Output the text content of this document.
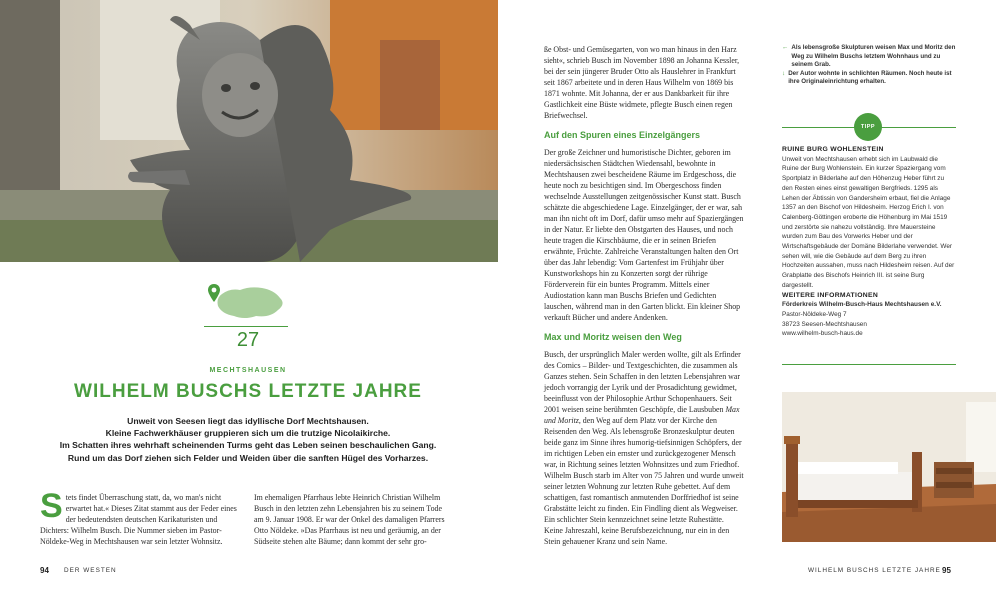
27
MECHTSHAUSEN
WILHELM BUSCHS LETZTE JAHRE

Unweit von Seesen liegt das idyllische Dorf Mechtshausen.

Kleine Fachwerkhäuser gruppieren sich um die trutzige Nicolaikirche.

Im Schatten ihres wehrhaft scheinenden Turms geht das Leben seinen beschaulichen Gang.

Rund um das Dorf ziehen sich Felder und Weiden über die sanften Hügel des Vorharzes.

Stets findet Überraschung statt, da, wo man's nicht erwartet hat.« Dieses Zitat stammt aus der Feder eines der bedeutendsten deutschen Karikaturisten und Dichters: Wilhelm Busch. Die Nummer sieben im Pastor-Nöldeke-Weg in Mechtshausen war sein letzter Wohnsitz.

Im ehemaligen Pfarrhaus lebte Heinrich Christian Wilhelm Busch in den letzten zehn Lebensjahren bis zu seinem Tode am 9. Januar 1908. Er war der Onkel des damaligen Pfarrers Otto Nöldeke. »Das Pfarrhaus ist neu und geräumig, an der Südseite stehen alte Bäume; dann kommt der sehr gro-

ße Obst- und Gemüsegarten, von wo man hinaus in den Harz sieht«, schrieb Busch im November 1898 an Johanna Kessler, bei der sein jüngerer Bruder Otto als Hauslehrer in Frankfurt seit 1867 arbeitete und in deren Haus Wilhelm von 1869 bis 1871 wohnte. Mit Johanna, der er aus Dankbarkeit für ihre Gastlichkeit eine Büste widmete, pflegte Busch einen regen Briefwechsel.

Auf den Spuren eines Einzelgängers

Der große Zeichner und humoristische Dichter, geboren im niedersächsischen Städtchen Wiedensahl, bewohnte in Mechtshausen zwei bescheidene Räume im Erdgeschoss, die heute noch zu besichtigen sind. Im Obergeschoss finden wechselnde Ausstellungen zeitgenössischer Kunst statt. Busch schätzte die abgeschiedene Lage. Einzelgänger, der er war, sah man ihn nicht oft im Dorf, dafür umso mehr auf Spaziergängen in der Natur. Er liebte den Obstgarten des Hauses, und noch heute tragen die Kirschbäume, die er in seinen Briefen erwähnte, Früchte. Zahlreiche Veranstaltungen halten den Ort über das Jahr lebendig: Vom Gartenfest im Frühjahr über Kunstworkshops hin zu Konzerten sorgt der rührige Förderverein für ein buntes Programm. Mittels einer Audiostation kann man Buschs Briefen und Gedichten lauschen, während man in den Garten blickt. Ein kleiner Shop verkauft Bücher und andere Andenken.

Max und Moritz weisen den Weg

Busch, der ursprünglich Maler werden wollte, gilt als Erfinder des Comics – Bilder- und Textgeschichten, die zusammen als Ganzes stehen. Sein Schaffen in den letzten Lebensjahren war jedoch vorrangig der Lyrik und der Prosadichtung gewidmet, beeinflusst von der Philosophie Arthur Schopenhauers. Seit 2001 weisen seine berühmten Geschöpfe, die Lausbuben Max und Moritz, den Weg auf dem Platz vor der Kirche den Reisenden den Weg. Als lebensgroße Bronzeskulptur deuten beide ganz im Sinne ihres humorig-tiefsinnigen Schöpfers, der im richtigen Leben ein ernster und zurückgezogener Mensch war, in Richtung seines letzten Wohnsitzes und zum Friedhof. Wilhelm Busch starb im Alter von 75 Jahren und wurde unweit seiner letzten Wohnung zur letzten Ruhe gebettet. Auf dem schattigen, fast romantisch anmutenden Dorffriedhof ist seine Grabstätte leicht zu finden. Ein Findling dient als Wegweiser. Ein schlichter Stein kennzeichnet seine letzte Ruhestätte. Keine Jahreszahl, keine Berufsbezeichnung, nur ein in den Stein gehauener Kranz und sein Name.

← Als lebensgroße Skulpturen weisen Max und Moritz den Weg zu Wilhelm Buschs letztem Wohnhaus und zu seinem Grab.
↓ Der Autor wohnte in schlichten Räumen. Noch heute ist ihre Originaleinrichtung erhalten.
TIPP

RUINE BURG WOHLENSTEIN

Unweit von Mechtshausen erhebt sich im Laubwald die Ruine der Burg Wohlenstein. Ein kurzer Spaziergang vom Sportplatz in Bilderlahe auf den Höhenzug Heber führt zu den Resten eines einst gewaltigen Bergfrieds. 1295 als Lehen der Äbtissin von Gandersheim erbaut, fiel die Anlage 1357 an den Bischof von Hildesheim. Herzog Erich I. von Calenberg-Göttingen eroberte die Höhenburg im Mai 1519 und zerstörte sie nahezu vollständig. Ihre Mauersteine wurden zum Bau des Vorwerks Heber und der Wirtschaftsgebäude der Domäne Bilderlahe verwendet. Wer sehen will, wie die Gebäude auf dem Berg zu ihren Hochzeiten aussahen, muss nach Hildesheim reisen. Auf der Grabplatte des Bischofs Heinrich III. ist seine Burg dargestellt.

WEITERE INFORMATIONEN

Förderkreis Wilhelm-Busch-Haus Mechtshausen e.V.

Pastor-Nöldeke-Weg 7

38723 Seesen-Mechtshausen

www.wilhelm-busch-haus.de

94 DER WESTEN	WILHELM BUSCHS LETZTE JAHRE 95
